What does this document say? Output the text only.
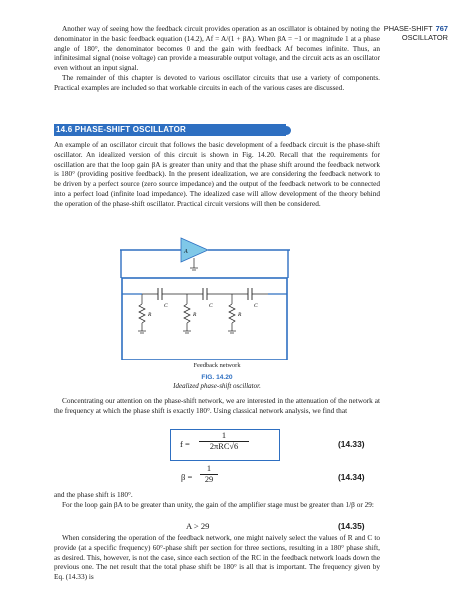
PHASE-SHIFT 767
OSCILLATOR

Another way of seeing how the feedback circuit provides operation as an oscillator is obtained by noting the denominator in the basic feedback equation (14.2), Af = A/(1 + βA). When βA = −1 or magnitude 1 at a phase angle of 180°, the denominator becomes 0 and the gain with feedback Af becomes infinite. Thus, an infinitesimal signal (noise voltage) can provide a measurable output voltage, and the circuit acts as an oscillator even without an input signal.

The remainder of this chapter is devoted to various oscillator circuits that use a variety of components. Practical examples are included so that workable circuits in each of the various cases are discussed.

14.6 PHASE-SHIFT OSCILLATOR

An example of an oscillator circuit that follows the basic development of a feedback circuit is the phase-shift oscillator. An idealized version of this circuit is shown in Fig. 14.20. Recall that the requirements for oscillation are that the loop gain βA is greater than unity and that the phase shift around the feedback network is 180° (providing positive feedback). In the present idealization, we are considering the feedback network to be driven by a perfect source (zero source impedance) and the output of the feedback network to be connected into a perfect load (infinite load impedance). The idealized case will allow development of the theory behind the operation of the phase-shift oscillator. Practical circuit versions will then be considered.

A
C	C	C
R	R	R
Feedback network
FIG. 14.20
Idealized phase-shift oscillator.

Concentrating our attention on the phase-shift network, we are interested in the attenuation of the network at the frequency at which the phase shift is exactly 180°. Using classical network analysis, we find that

f =
1
2πRC√6	(14.33)
$\beta = \frac{1}{29}$	(14.34)

and the phase shift is 180°.

For the loop gain βA to be greater than unity, the gain of the amplifier stage must be greater than 1/β or 29:

A > 29	(14.35)

When considering the operation of the feedback network, one might naively select the values of R and C to provide (at a specific frequency) 60°-phase shift per section for three sections, resulting in a 180° phase shift, as desired. This, however, is not the case, since each section of the RC in the feedback network loads down the previous one. The net result that the total phase shift be 180° is all that is important. The frequency given by Eq. (14.33) is
